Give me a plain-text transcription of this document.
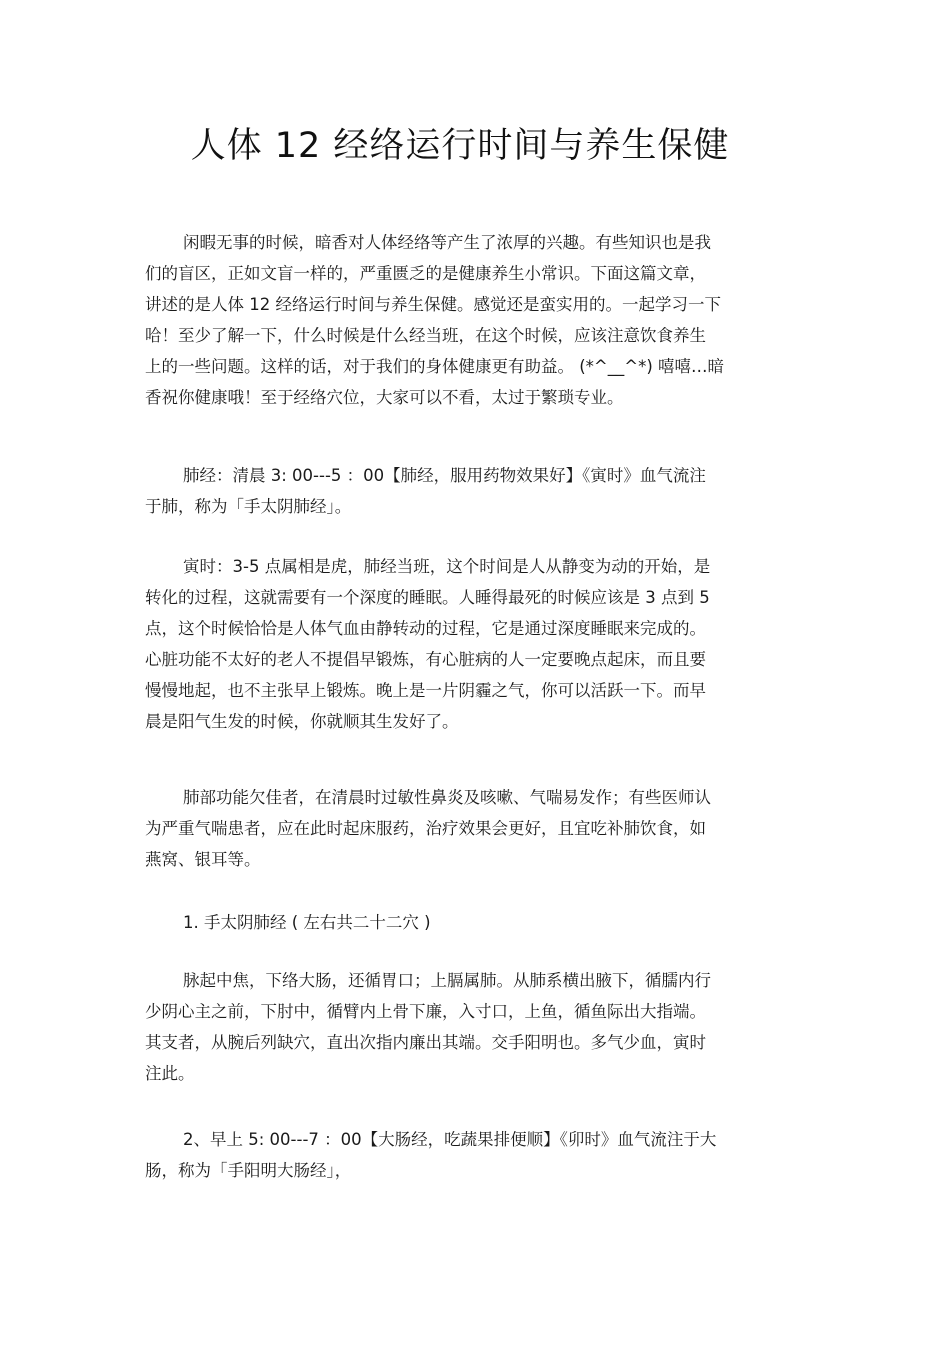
人体 12 经络运行时间与养生保健
闲暇无事的时候，暗香对人体经络等产生了浓厚的兴趣。有些知识也是我
们的盲区，正如文盲一样的，严重匮乏的是健康养生小常识。下面这篇文章，
讲述的是人体 12 经络运行时间与养生保健。感觉还是蛮实用的。一起学习一下
哈！至少了解一下，什么时候是什么经当班，在这个时候，应该注意饮食养生
上的一些问题。这样的话，对于我们的身体健康更有助益。 (*^__^*) 嘻嘻…暗
香祝你健康哦！至于经络穴位，大家可以不看，太过于繁琐专业。
肺经：清晨 3: 00---5 ：00【肺经，服用药物效果好】《寅时》血气流注
于肺，称为「手太阴肺经」。
寅时：3-5 点属相是虎，肺经当班，这个时间是人从静变为动的开始，是
转化的过程，这就需要有一个深度的睡眠。人睡得最死的时候应该是 3 点到 5
点，这个时候恰恰是人体气血由静转动的过程，它是通过深度睡眠来完成的。
心脏功能不太好的老人不提倡早锻炼，有心脏病的人一定要晚点起床，而且要
慢慢地起，也不主张早上锻炼。晚上是一片阴霾之气，你可以活跃一下。而早
晨是阳气生发的时候，你就顺其生发好了。
肺部功能欠佳者，在清晨时过敏性鼻炎及咳嗽、气喘易发作；有些医师认
为严重气喘患者，应在此时起床服药，治疗效果会更好，且宜吃补肺饮食，如
燕窝、银耳等。
1. 手太阴肺经 ( 左右共二十二穴 )
脉起中焦，下络大肠，还循胃口；上膈属肺。从肺系横出腋下，循臑内行
少阴心主之前，下肘中，循臂内上骨下廉，入寸口，上鱼，循鱼际出大指端。
其支者，从腕后列缺穴，直出次指内廉出其端。交手阳明也。多气少血，寅时
注此。
2、早上 5: 00---7 ：00【大肠经，吃蔬果排便顺】《卯时》血气流注于大
肠，称为「手阳明大肠经」，
